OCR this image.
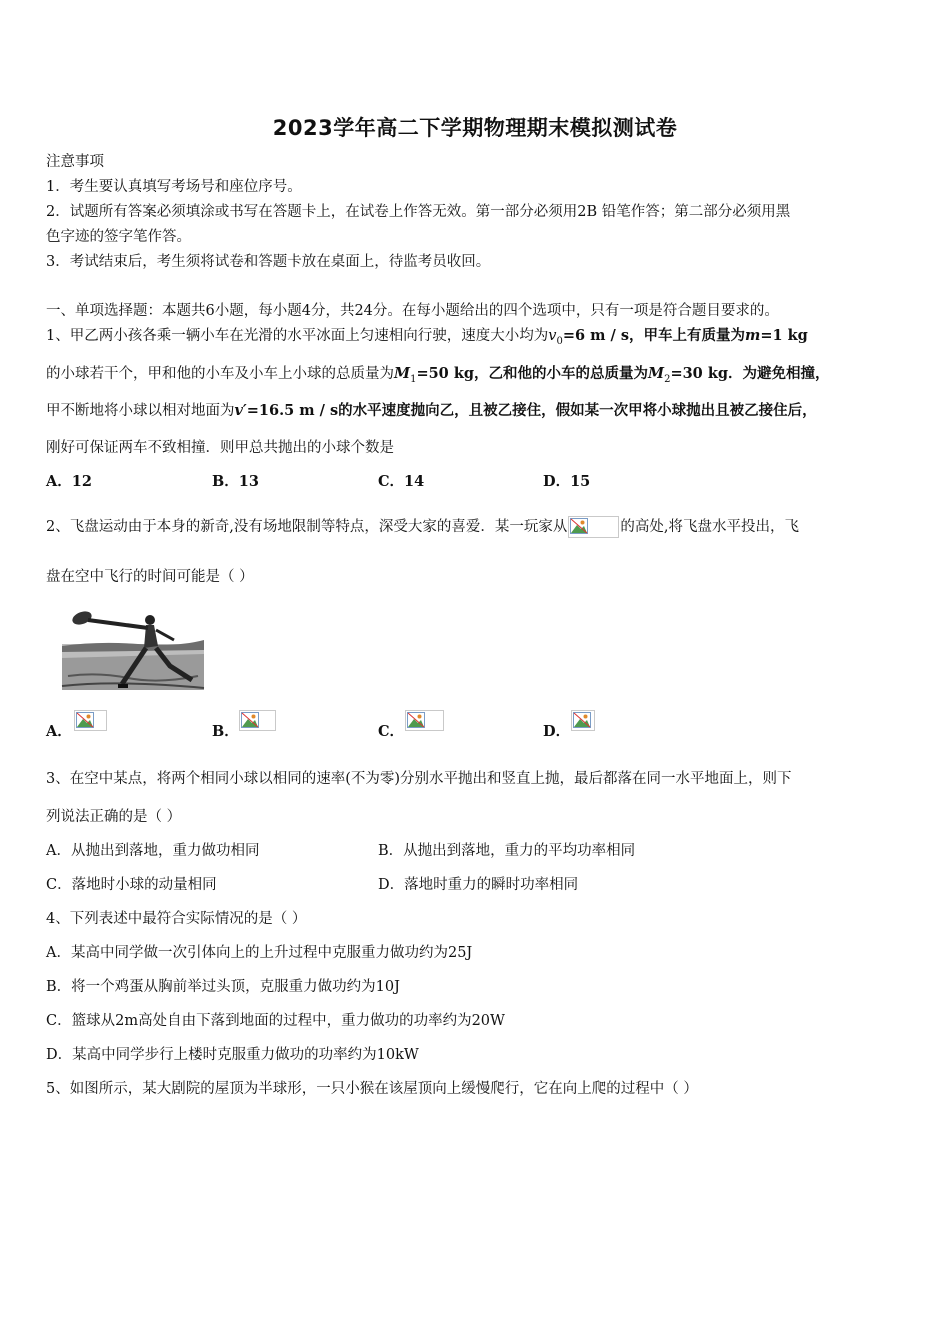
2023学年高二下学期物理期末模拟测试卷
注意事项
1．考生要认真填写考场号和座位序号。
2．试题所有答案必须填涂或书写在答题卡上，在试卷上作答无效。第一部分必须用2B 铅笔作答；第二部分必须用黑
色字迹的签字笔作答。
3．考试结束后，考生须将试卷和答题卡放在桌面上，待监考员收回。
一、单项选择题：本题共6小题，每小题4分，共24分。在每小题给出的四个选项中，只有一项是符合题目要求的。
1、甲乙两小孩各乘一辆小车在光滑的水平冰面上匀速相向行驶，速度大小均为$v_0=6$ m / s，甲车上有质量为m=1 kg
的小球若干个，甲和他的小车及小车上小球的总质量为$M_1=50$ kg，乙和他的小车的总质量为$M_2=30$ kg．为避免相撞，
甲不断地将小球以相对地面为v′=16.5 m / s的水平速度抛向乙，且被乙接住，假如某一次甲将小球抛出且被乙接住后，
刚好可保证两车不致相撞．则甲总共抛出的小球个数是
A．12	B．13	C．14	D．15
2、飞盘运动由于本身的新奇,没有场地限制等特点，深受大家的喜爱．某一玩家从	的高处,将飞盘水平投出，飞
盘在空中飞行的时间可能是（ ）
A．	B．	C．	D．
3、在空中某点，将两个相同小球以相同的速率(不为零)分别水平抛出和竖直上抛，最后都落在同一水平地面上，则下
列说法正确的是（ ）
A．从抛出到落地，重力做功相同	B．从抛出到落地，重力的平均功率相同
C．落地时小球的动量相同	D．落地时重力的瞬时功率相同
4、下列表述中最符合实际情况的是（ ）
A．某高中同学做一次引体向上的上升过程中克服重力做功约为25J
B．将一个鸡蛋从胸前举过头顶，克服重力做功约为10J
C．篮球从2m高处自由下落到地面的过程中，重力做功的功率约为20W
D．某高中同学步行上楼时克服重力做功的功率约为10kW
5、如图所示，某大剧院的屋顶为半球形，一只小猴在该屋顶向上缓慢爬行，它在向上爬的过程中（ ）
